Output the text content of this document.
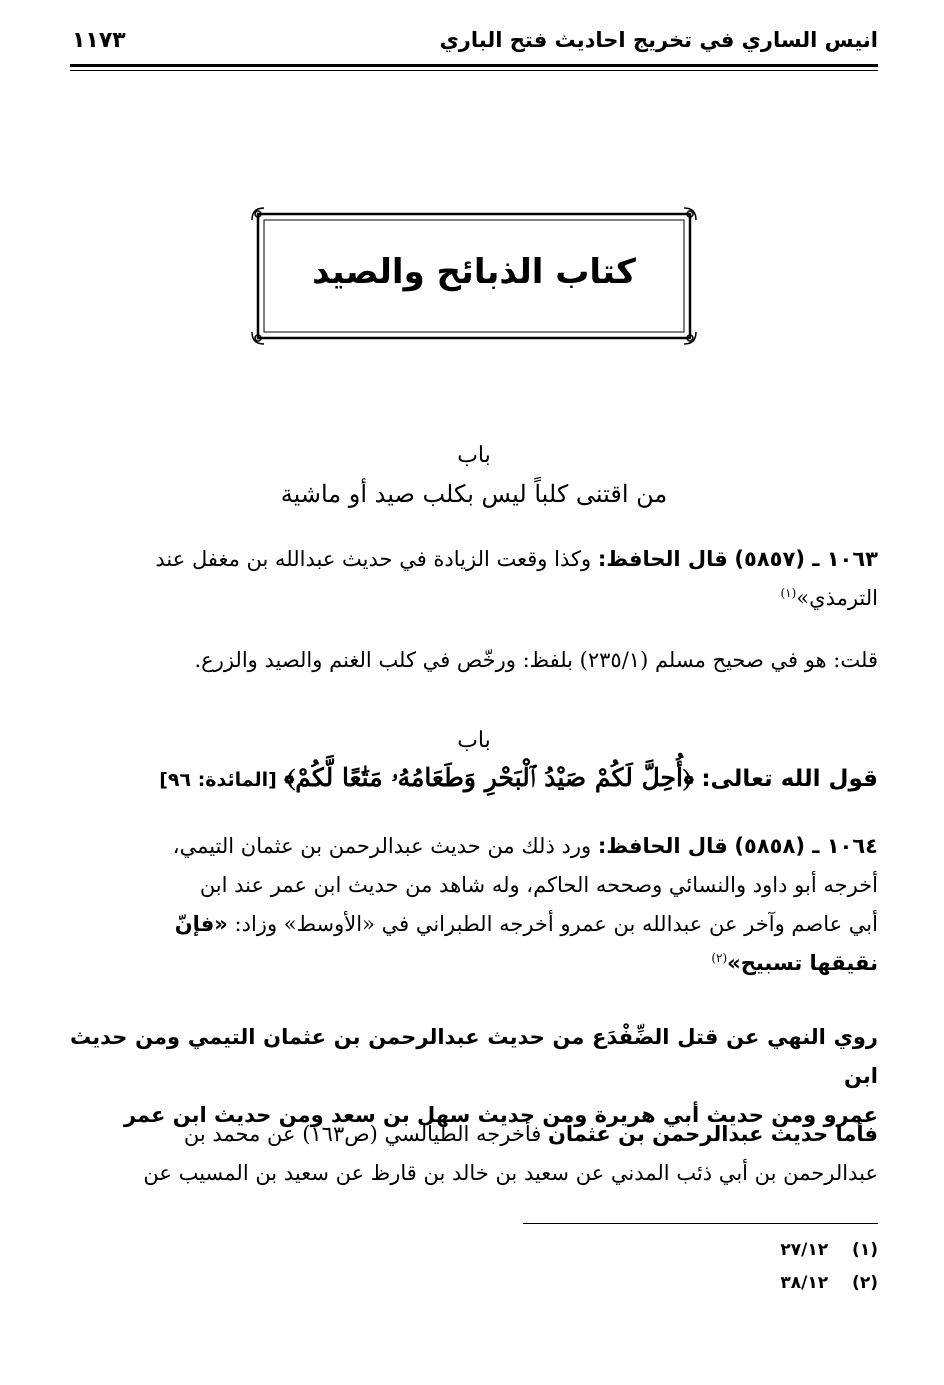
انيس الساري في تخريج احاديث فتح الباري
١١٧٣
كتاب الذبائح والصيد
باب
من اقتنى كلباً ليس بكلب صيد أو ماشية
١٠٦٣ ـ (٥٨٥٧) قال الحافظ: وكذا وقعت الزيادة في حديث عبدالله بن مغفل عند
الترمذي»$^{(١)}$
قلت: هو في صحيح مسلم (٢٣٥/١) بلفظ: ورخّص في كلب الغنم والصيد والزرع.
باب
قول الله تعالى: ﴿أُحِلَّ لَكُمْ صَيْدُ ٱلْبَحْرِ وَطَعَامُهُۥ مَتَٰعًا لَّكُمْ﴾ [المائدة: ٩٦]
١٠٦٤ ـ (٥٨٥٨) قال الحافظ: ورد ذلك من حديث عبدالرحمن بن عثمان التيمي،
أخرجه أبو داود والنسائي وصححه الحاكم، وله شاهد من حديث ابن عمر عند ابن
أبي عاصم وآخر عن عبدالله بن عمرو أخرجه الطبراني في «الأوسط» وزاد: «فإنّ
نقيقها تسبيح»$^{(٢)}$
روي النهي عن قتل الضِّفْدَع من حديث عبدالرحمن بن عثمان التيمي ومن حديث ابن
عمرو ومن حديث أبي هريرة ومن حديث سهل بن سعد ومن حديث ابن عمر
فأما حديث عبدالرحمن بن عثمان فأخرجه الطيالسي (ص١٦٣) عن محمد بن
عبدالرحمن بن أبي ذئب المدني عن سعيد بن خالد بن قارظ عن سعيد بن المسيب عن
(١) ٢٧/١٢
(٢) ٣٨/١٢
